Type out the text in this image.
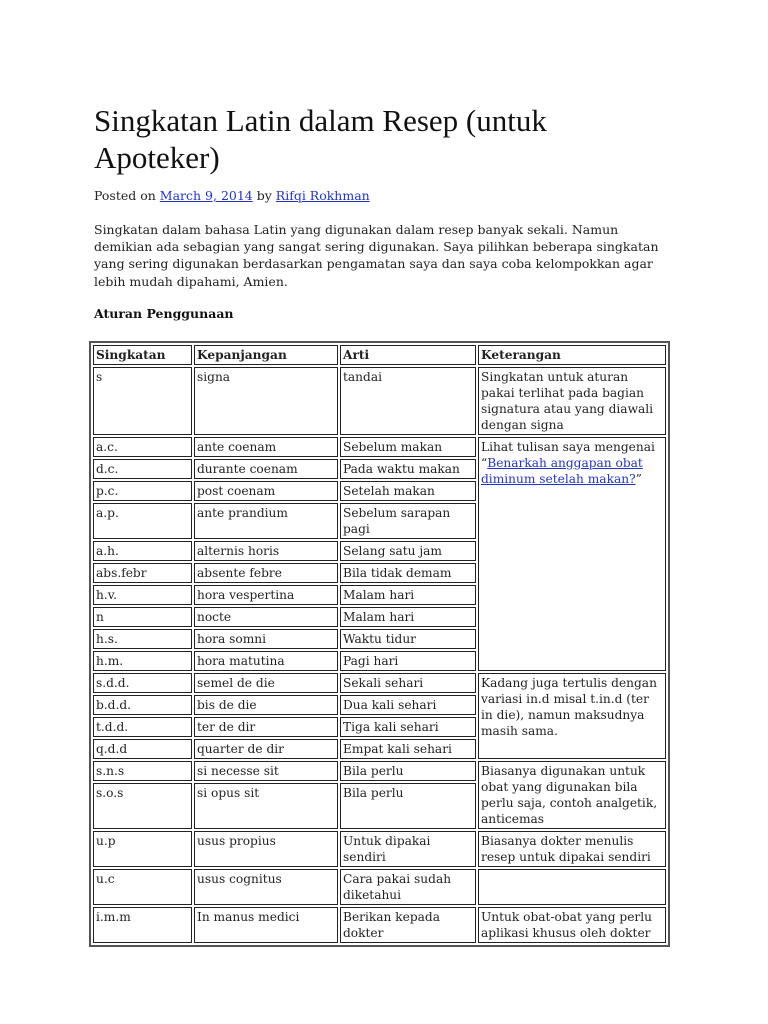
Singkatan Latin dalam Resep (untuk Apoteker)
Posted on March 9, 2014 by Rifqi Rokhman

Singkatan dalam bahasa Latin yang digunakan dalam resep banyak sekali. Namun demikian ada sebagian yang sangat sering digunakan. Saya pilihkan beberapa singkatan yang sering digunakan berdasarkan pengamatan saya dan saya coba kelompokkan agar lebih mudah dipahami, Amien.

Aturan Penggunaan

Singkatan	Kepanjangan	Arti	Keterangan
s	signa	tandai	Singkatan untuk aturan pakai terlihat pada bagian signatura atau yang diawali dengan signa
a.c.	ante coenam	Sebelum makan	Lihat tulisan saya mengenai “Benarkah anggapan obat diminum setelah makan?”
d.c.	durante coenam	Pada waktu makan	
p.c.	post coenam	Setelah makan	
a.p.	ante prandium	Sebelum sarapan pagi	
a.h.	alternis horis	Selang satu jam	
abs.febr	absente febre	Bila tidak demam	
h.v.	hora vespertina	Malam hari	
n	nocte	Malam hari	
h.s.	hora somni	Waktu tidur	
h.m.	hora matutina	Pagi hari	
s.d.d.	semel de die	Sekali sehari	Kadang juga tertulis dengan variasi in.d misal t.in.d (ter in die), namun maksudnya masih sama.
b.d.d.	bis de die	Dua kali sehari	
t.d.d.	ter de dir	Tiga kali sehari	
q.d.d	quarter de dir	Empat kali sehari	
s.n.s	si necesse sit	Bila perlu	Biasanya digunakan untuk obat yang digunakan bila perlu saja, contoh analgetik, anticemas
s.o.s	si opus sit	Bila perlu	
u.p	usus propius	Untuk dipakai sendiri	Biasanya dokter menulis resep untuk dipakai sendiri
u.c	usus cognitus	Cara pakai sudah diketahui	
i.m.m	In manus medici	Berikan kepada dokter	Untuk obat-obat yang perlu aplikasi khusus oleh dokter
